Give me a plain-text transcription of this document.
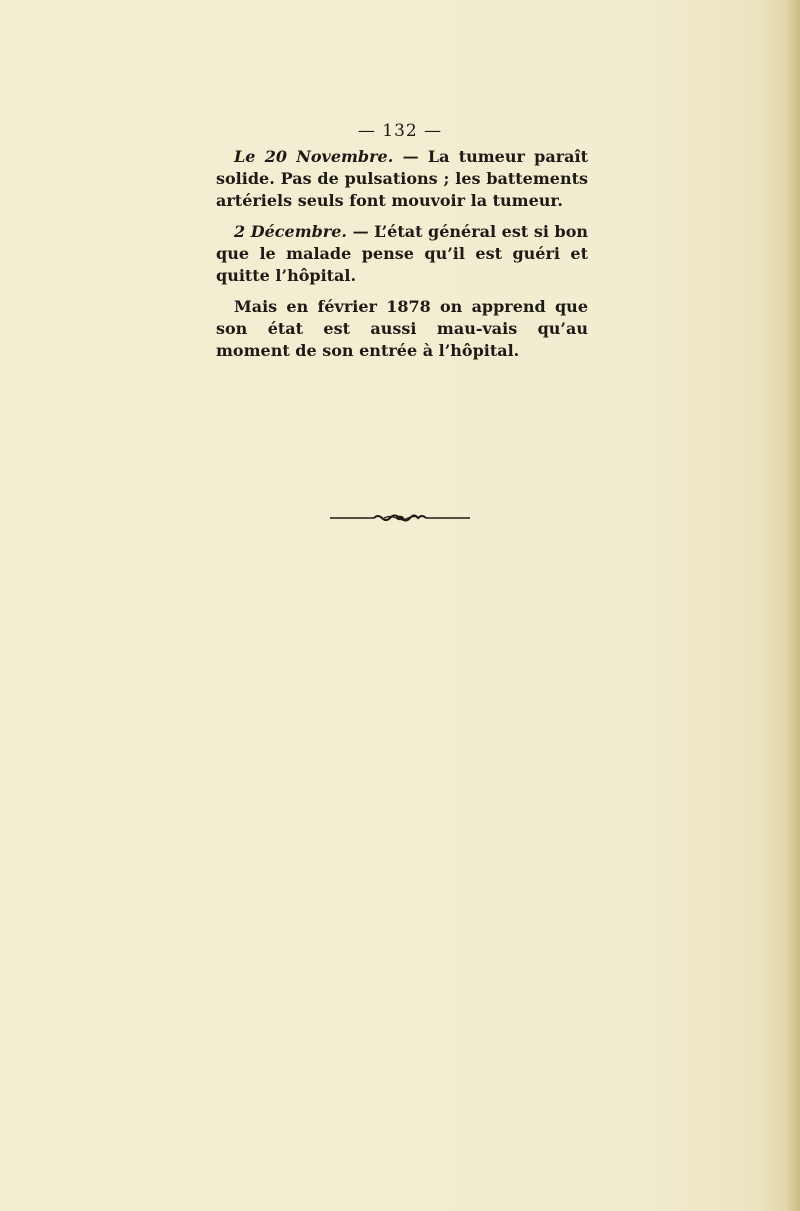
— 132 —

Le 20 Novembre. — La tumeur paraît solide. Pas de pulsations ; les battements artériels seuls font mouvoir la tumeur.

2 Décembre. — L’état général est si bon que le malade pense qu’il est guéri et quitte l’hôpital.

Mais en février 1878 on apprend que son état est aussi mau-vais qu’au moment de son entrée à l’hôpital.
